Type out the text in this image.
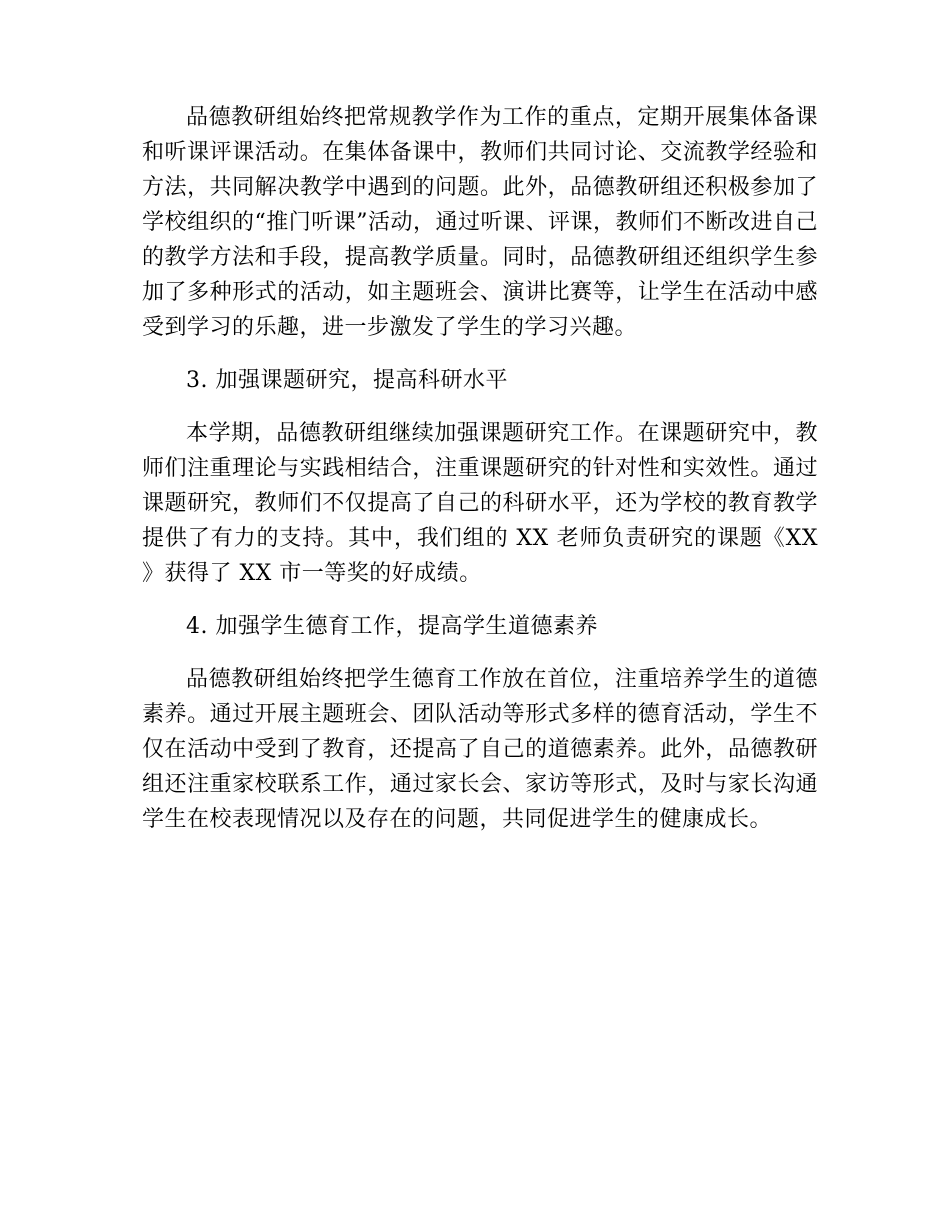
品德教研组始终把常规教学作为工作的重点，定期开展集体备课和听课评课活动。在集体备课中，教师们共同讨论、交流教学经验和方法，共同解决教学中遇到的问题。此外，品德教研组还积极参加了学校组织的“推门听课”活动，通过听课、评课，教师们不断改进自己的教学方法和手段，提高教学质量。同时，品德教研组还组织学生参加了多种形式的活动，如主题班会、演讲比赛等，让学生在活动中感受到学习的乐趣，进一步激发了学生的学习兴趣。

3. 加强课题研究，提高科研水平

本学期，品德教研组继续加强课题研究工作。在课题研究中，教师们注重理论与实践相结合，注重课题研究的针对性和实效性。通过课题研究，教师们不仅提高了自己的科研水平，还为学校的教育教学提供了有力的支持。其中，我们组的 XX 老师负责研究的课题《XX 》获得了 XX 市一等奖的好成绩。

4. 加强学生德育工作，提高学生道德素养

品德教研组始终把学生德育工作放在首位，注重培养学生的道德素养。通过开展主题班会、团队活动等形式多样的德育活动，学生不仅在活动中受到了教育，还提高了自己的道德素养。此外，品德教研组还注重家校联系工作，通过家长会、家访等形式，及时与家长沟通学生在校表现情况以及存在的问题，共同促进学生的健康成长。
